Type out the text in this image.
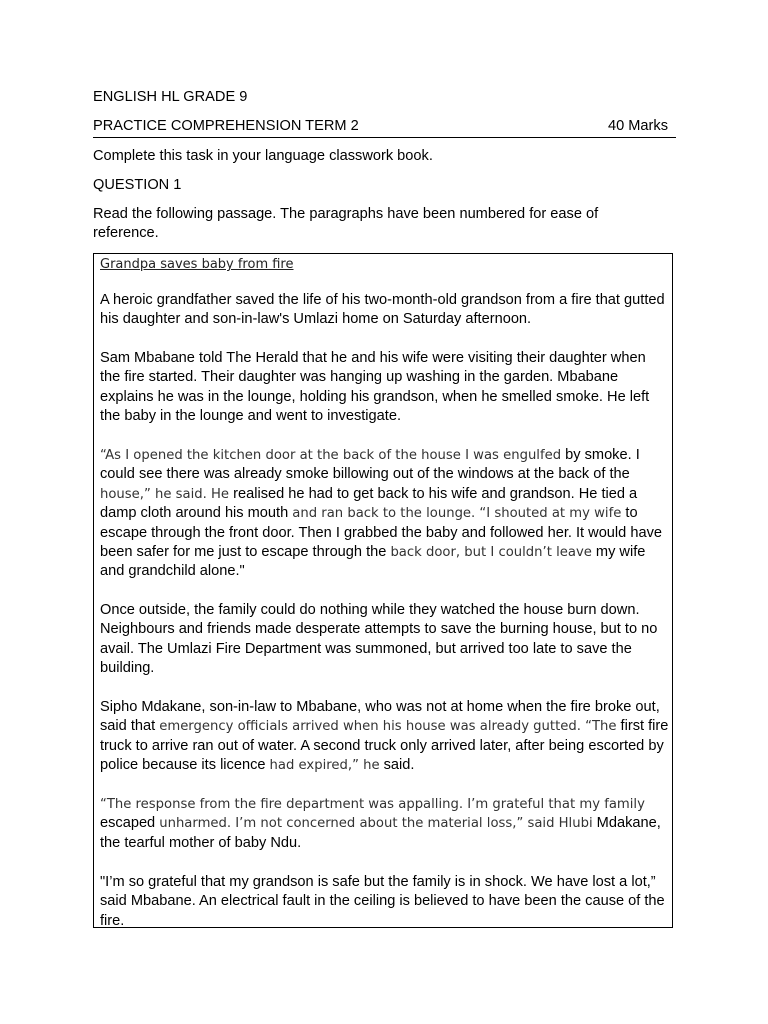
ENGLISH HL GRADE 9
PRACTICE COMPREHENSION TERM 2	40 Marks
Complete this task in your language classwork book.
QUESTION 1
Read the following passage. The paragraphs have been numbered for ease of reference.
Grandpa saves baby from fire
A heroic grandfather saved the life of his two-month-old grandson from a fire that gutted his daughter and son-in-law's Umlazi home on Saturday afternoon.
Sam Mbabane told The Herald that he and his wife were visiting their daughter when the fire started. Their daughter was hanging up washing in the garden. Mbabane explains he was in the lounge, holding his grandson, when he smelled smoke. He left the baby in the lounge and went to investigate.
“As I opened the kitchen door at the back of the house I was engulfed by smoke. I could see there was already smoke billowing out of the windows at the back of the house,” he said. He realised he had to get back to his wife and grandson. He tied a damp cloth around his mouth and ran back to the lounge. “I shouted at my wife to escape through the front door. Then I grabbed the baby and followed her. It would have been safer for me just to escape through the back door, but I couldn’t leave my wife and grandchild alone."
Once outside, the family could do nothing while they watched the house burn down. Neighbours and friends made desperate attempts to save the burning house, but to no avail. The Umlazi Fire Department was summoned, but arrived too late to save the building.
Sipho Mdakane, son-in-law to Mbabane, who was not at home when the fire broke out, said that emergency officials arrived when his house was already gutted. “The first fire truck to arrive ran out of water. A second truck only arrived later, after being escorted by police because its licence had expired,” he said.
“The response from the fire department was appalling. I’m grateful that my family escaped unharmed. I’m not concerned about the material loss,” said Hlubi Mdakane, the tearful mother of baby Ndu.
"I’m so grateful that my grandson is safe but the family is in shock. We have lost a lot,” said Mbabane. An electrical fault in the ceiling is believed to have been the cause of the fire.
